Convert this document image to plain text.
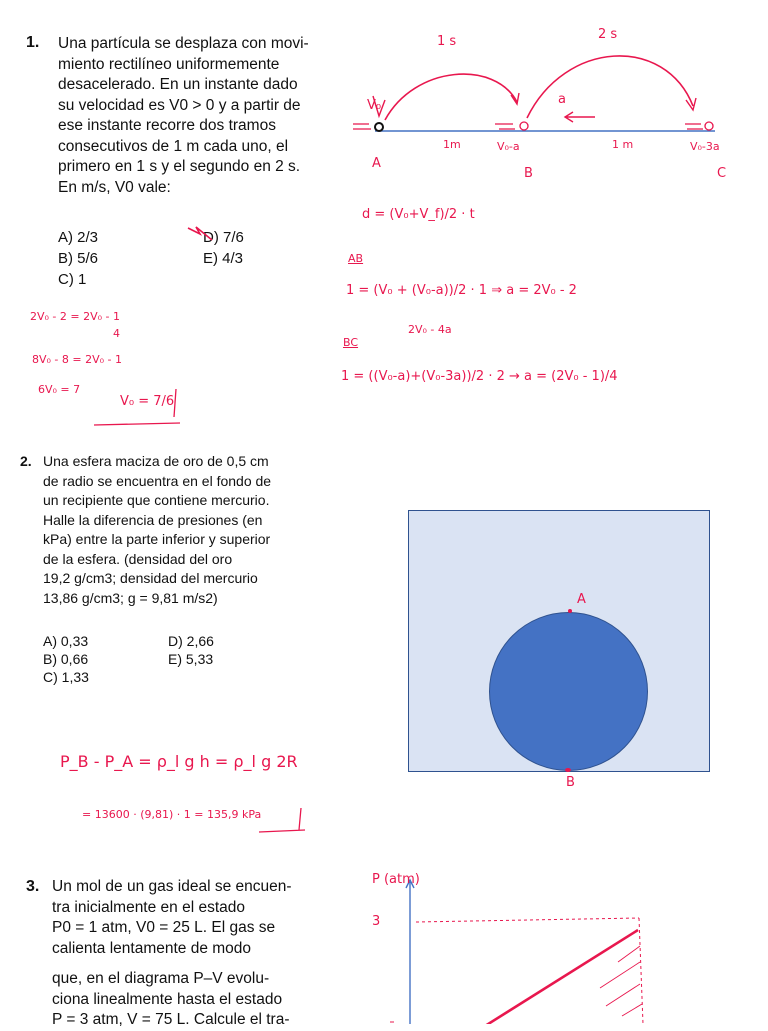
1. Una partícula se desplaza con movi-
miento rectilíneo uniformemente
desacelerado. En un instante dado
su velocidad es V0 > 0 y a partir de
ese instante recorre dos tramos
consecutivos de 1 m cada uno, el
primero en 1 s y el segundo en 2 s.
En m/s, V0 vale:
A) 2/3
B) 5/6
C) 1
D) 7/6
E) 4/3
2V₀ - 2 = 2V₀ - 1
4
8V₀ - 8 = 2V₀ - 1
6V₀ = 7
V₀ = 7/6
1 s	2 s
V₀	a
1m	1 m
V₀-a	V₀-3a
A
B	C
d = (V₀+V_f)/2 · t
AB
1 = (V₀ + (V₀-a))/2 · 1 ⇒ a = 2V₀ - 2
2V₀ - 4a
BC
1 = ((V₀-a)+(V₀-3a))/2 · 2 → a = (2V₀ - 1)/4
2. Una esfera maciza de oro de 0,5 cm
de radio se encuentra en el fondo de
un recipiente que contiene mercurio.
Halle la diferencia de presiones (en
kPa) entre la parte inferior y superior
de la esfera. (densidad del oro
19,2 g/cm3; densidad del mercurio
13,86 g/cm3; g = 9,81 m/s2)
A) 0,33
B) 0,66
C) 1,33
D) 2,66
E) 5,33
P_B - P_A = ρ_l g h = ρ_l g 2R
= 13600 · (9,81) · 1 = 135,9 kPa
A
B
3. Un mol de un gas ideal se encuen-
tra inicialmente en el estado
P0 = 1 atm, V0 = 25 L. El gas se
calienta lentamente de modo
que, en el diagrama P–V evolu-
ciona linealmente hasta el estado
P = 3 atm, V = 75 L. Calcule el tra-
P (atm)
3
